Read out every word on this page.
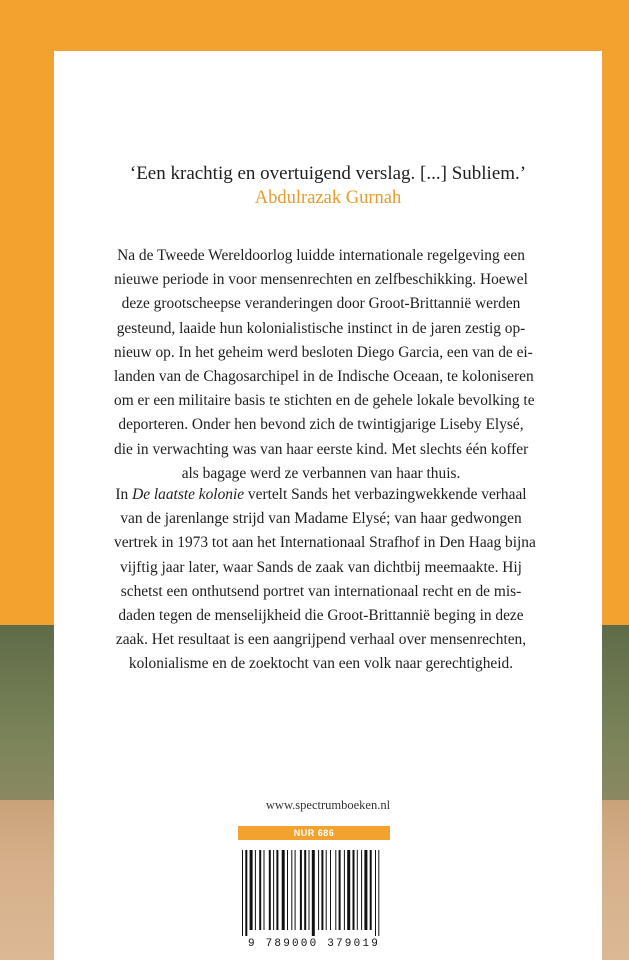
‘Een krachtig en overtuigend verslag. [...] Subliem.’
Abdulrazak Gurnah

Na de Tweede Wereldoorlog luidde internationale regelgeving een
nieuwe periode in voor mensenrechten en zelfbeschikking. Hoewel
deze grootscheepse veranderingen door Groot-Brittannië werden
gesteund, laaide hun kolonialistische instinct in de jaren zestig op-
nieuw op. In het geheim werd besloten Diego Garcia, een van de ei-
landen van de Chagosarchipel in de Indische Oceaan, te koloniseren
om er een militaire basis te stichten en de gehele lokale bevolking te
deporteren. Onder hen bevond zich de twintigjarige Liseby Elysé,
die in verwachting was van haar eerste kind. Met slechts één koffer
als bagage werd ze verbannen van haar thuis.

In De laatste kolonie vertelt Sands het verbazingwekkende verhaal
van de jarenlange strijd van Madame Elysé; van haar gedwongen
vertrek in 1973 tot aan het Internationaal Strafhof in Den Haag bijna
vijftig jaar later, waar Sands de zaak van dichtbij meemaakte. Hij
schetst een onthutsend portret van internationaal recht en de mis-
daden tegen de menselijkheid die Groot-Brittannië beging in deze
zaak. Het resultaat is een aangrijpend verhaal over mensenrechten,
kolonialisme en de zoektocht van een volk naar gerechtigheid.

www.spectrumboeken.nl
NUR 686
9 789000 379019
